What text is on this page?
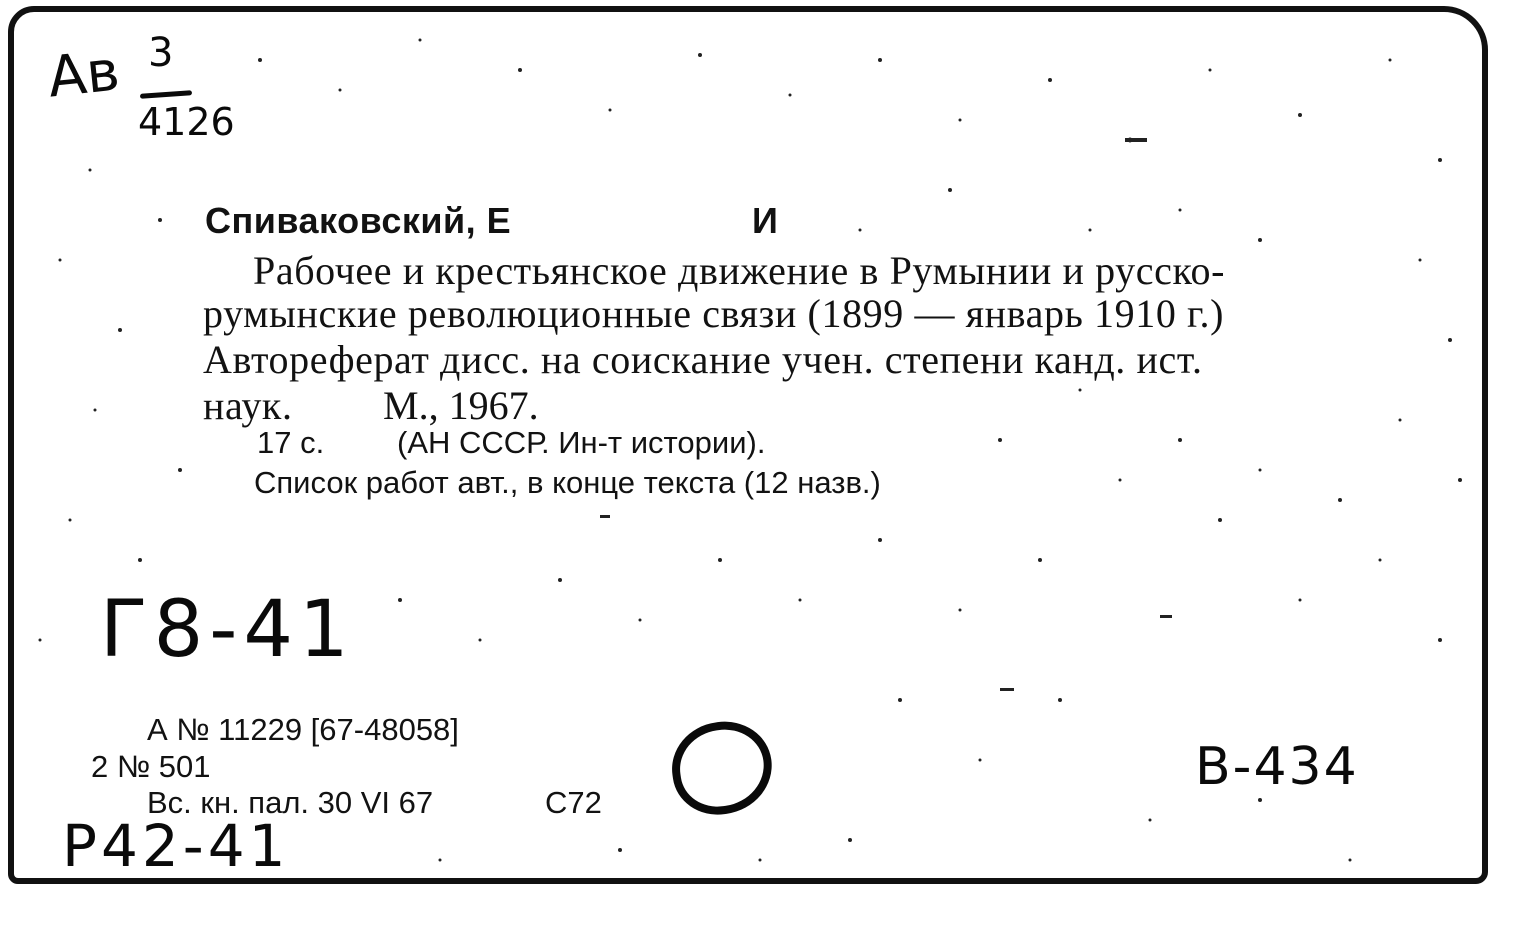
Ав 3
4126
Спиваковский, Е	И
Рабочее и крестьянское движение в Румынии и русско-
румынские революционные связи (1899 — январь 1910 г.)
Автореферат дисс. на соискание учен. степени канд. ист.
наук. М., 1967.
17 с. (АН СССР. Ин-т истории).
Список работ авт., в конце текста (12 назв.)
Г8-41
А № 11229 [67-48058]
2 № 501
Вс. кн. пал. 30 VI 67	С72
В-434
Р42-41
